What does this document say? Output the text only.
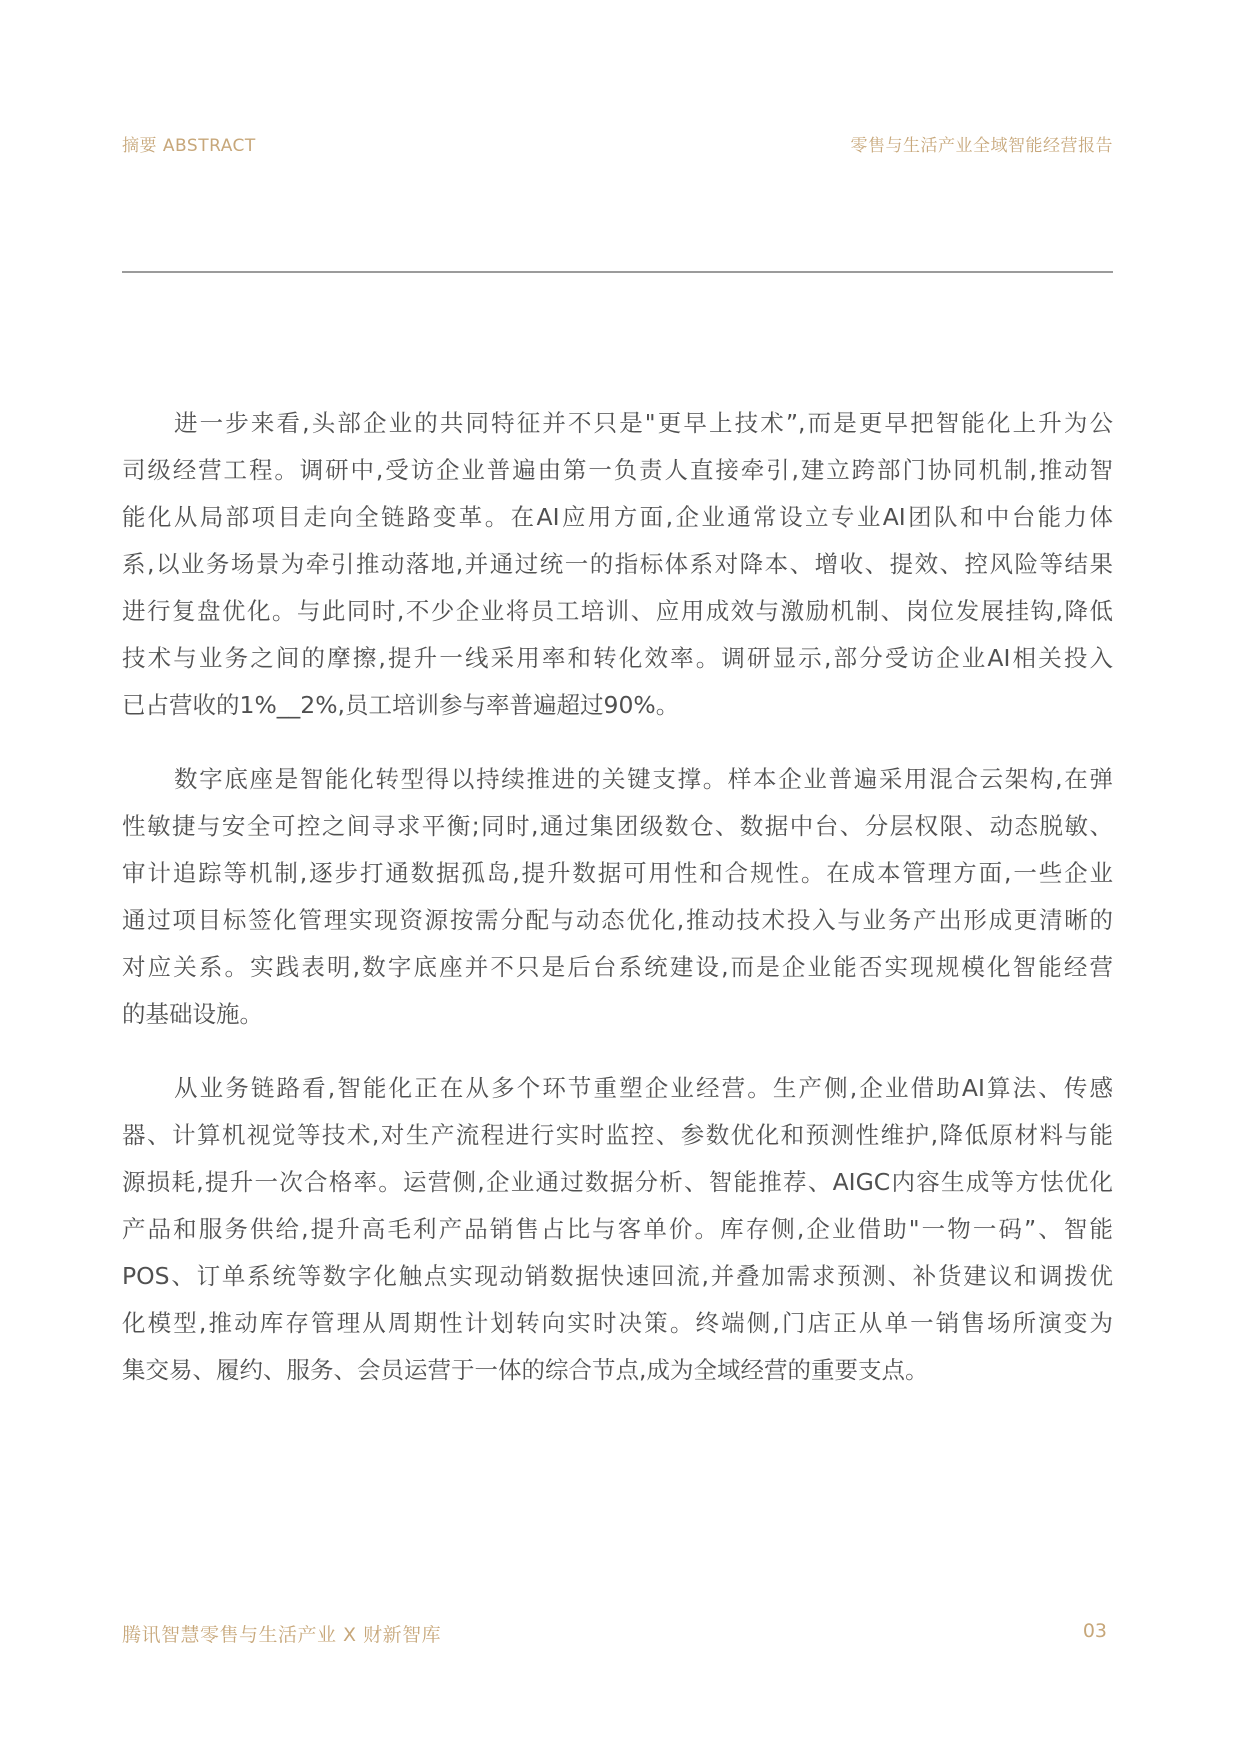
摘要 ABSTRACT	零售与生活产业全域智能经营报告
进一步来看,头部企业的共同特征并不只是"更早上技术”,而是更早把智能化上升为公
司级经营工程。调研中,受访企业普遍由第一负责人直接牵引,建立跨部门协同机制,推动智
能化从局部项目走向全链路变革。在AI应用方面,企业通常设立专业AI团队和中台能力体
系,以业务场景为牵引推动落地,并通过统一的指标体系对降本、增收、提效、控风险等结果
进行复盘优化。与此同时,不少企业将员工培训、应用成效与激励机制、岗位发展挂钩,降低
技术与业务之间的摩擦,提升一线采用率和转化效率。调研显示,部分受访企业AI相关投入
已占营收的1%__2%,员工培训参与率普遍超过90%。
数字底座是智能化转型得以持续推进的关键支撑。样本企业普遍采用混合云架构,在弹
性敏捷与安全可控之间寻求平衡;同时,通过集团级数仓、数据中台、分层权限、动态脱敏、
审计追踪等机制,逐步打通数据孤岛,提升数据可用性和合规性。在成本管理方面,一些企业
通过项目标签化管理实现资源按需分配与动态优化,推动技术投入与业务产出形成更清晰的
对应关系。实践表明,数字底座并不只是后台系统建设,而是企业能否实现规模化智能经营
的基础设施。
从业务链路看,智能化正在从多个环节重塑企业经营。生产侧,企业借助AI算法、传感
器、计算机视觉等技术,对生产流程进行实时监控、参数优化和预测性维护,降低原材料与能
源损耗,提升一次合格率。运营侧,企业通过数据分析、智能推荐、AIGC内容生成等方怯优化
产品和服务供给,提升高毛利产品销售占比与客单价。库存侧,企业借助"一物一码”、智能
POS、订单系统等数字化触点实现动销数据快速回流,并叠加需求预测、补货建议和调拨优
化模型,推动库存管理从周期性计划转向实时决策。终端侧,门店正从单一销售场所演变为
集交易、履约、服务、会员运营于一体的综合节点,成为全域经营的重要支点。
腾讯智慧零售与生活产业 X 财新智库	03
